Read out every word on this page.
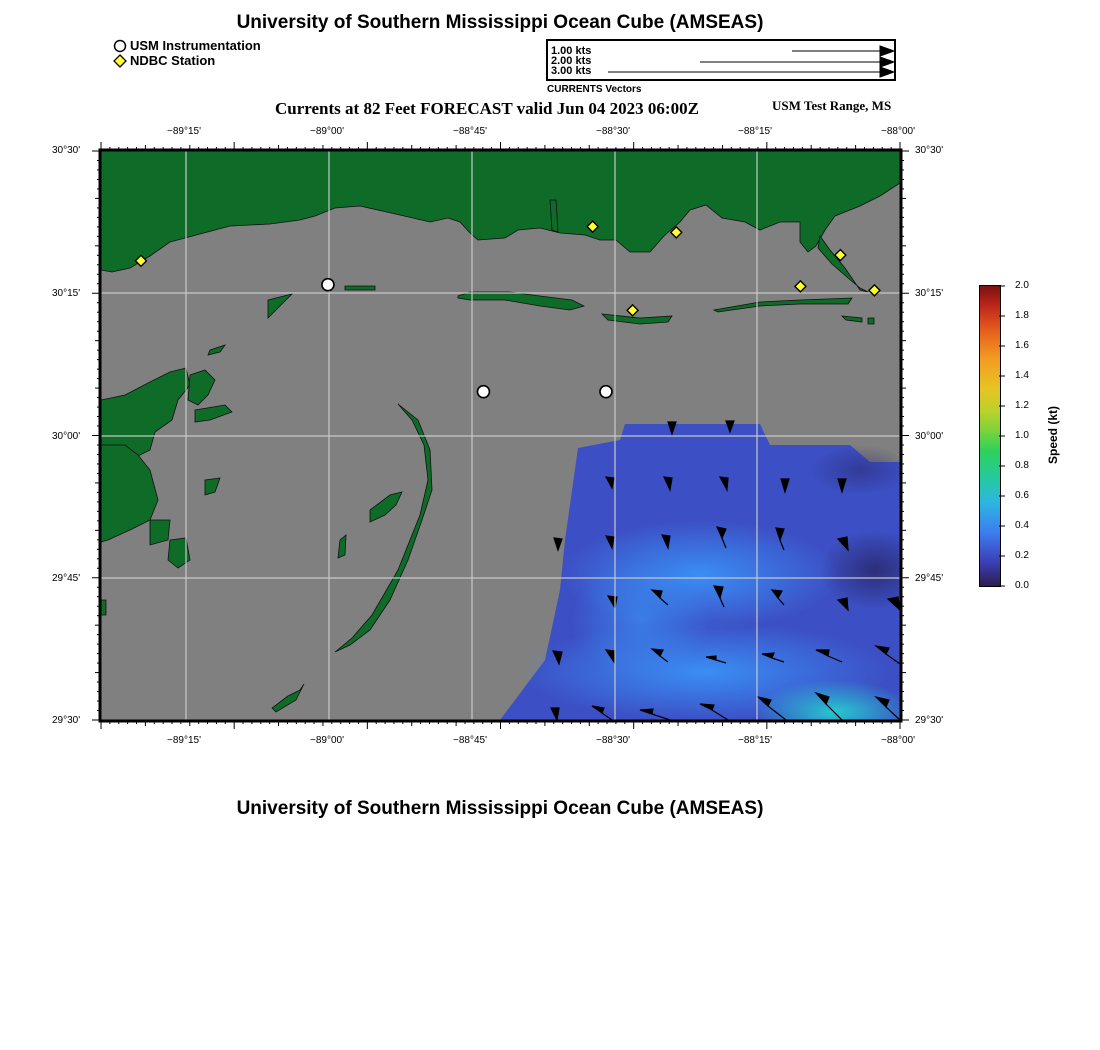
University of Southern Mississippi Ocean Cube (AMSEAS)
USM Instrumentation
NDBC Station
1.00 kts
2.00 kts
3.00 kts
CURRENTS Vectors
Currents at 82 Feet FORECAST valid Jun 04 2023 06:00Z	USM Test Range, MS
−89°15'	−89°00'	−88°45'	−88°30'	−88°15'	−88°00'
−89°15'	−89°00'	−88°45'	−88°30'	−88°15'	−88°00'
30°30'
30°15'
30°00'
29°45'
29°30'
30°30'
30°15'
30°00'
29°45'
29°30'
2.0
1.8
1.6
1.4
1.2
1.0
0.8
0.6
0.4
0.2
0.0
Speed (kt)
University of Southern Mississippi Ocean Cube (AMSEAS)
